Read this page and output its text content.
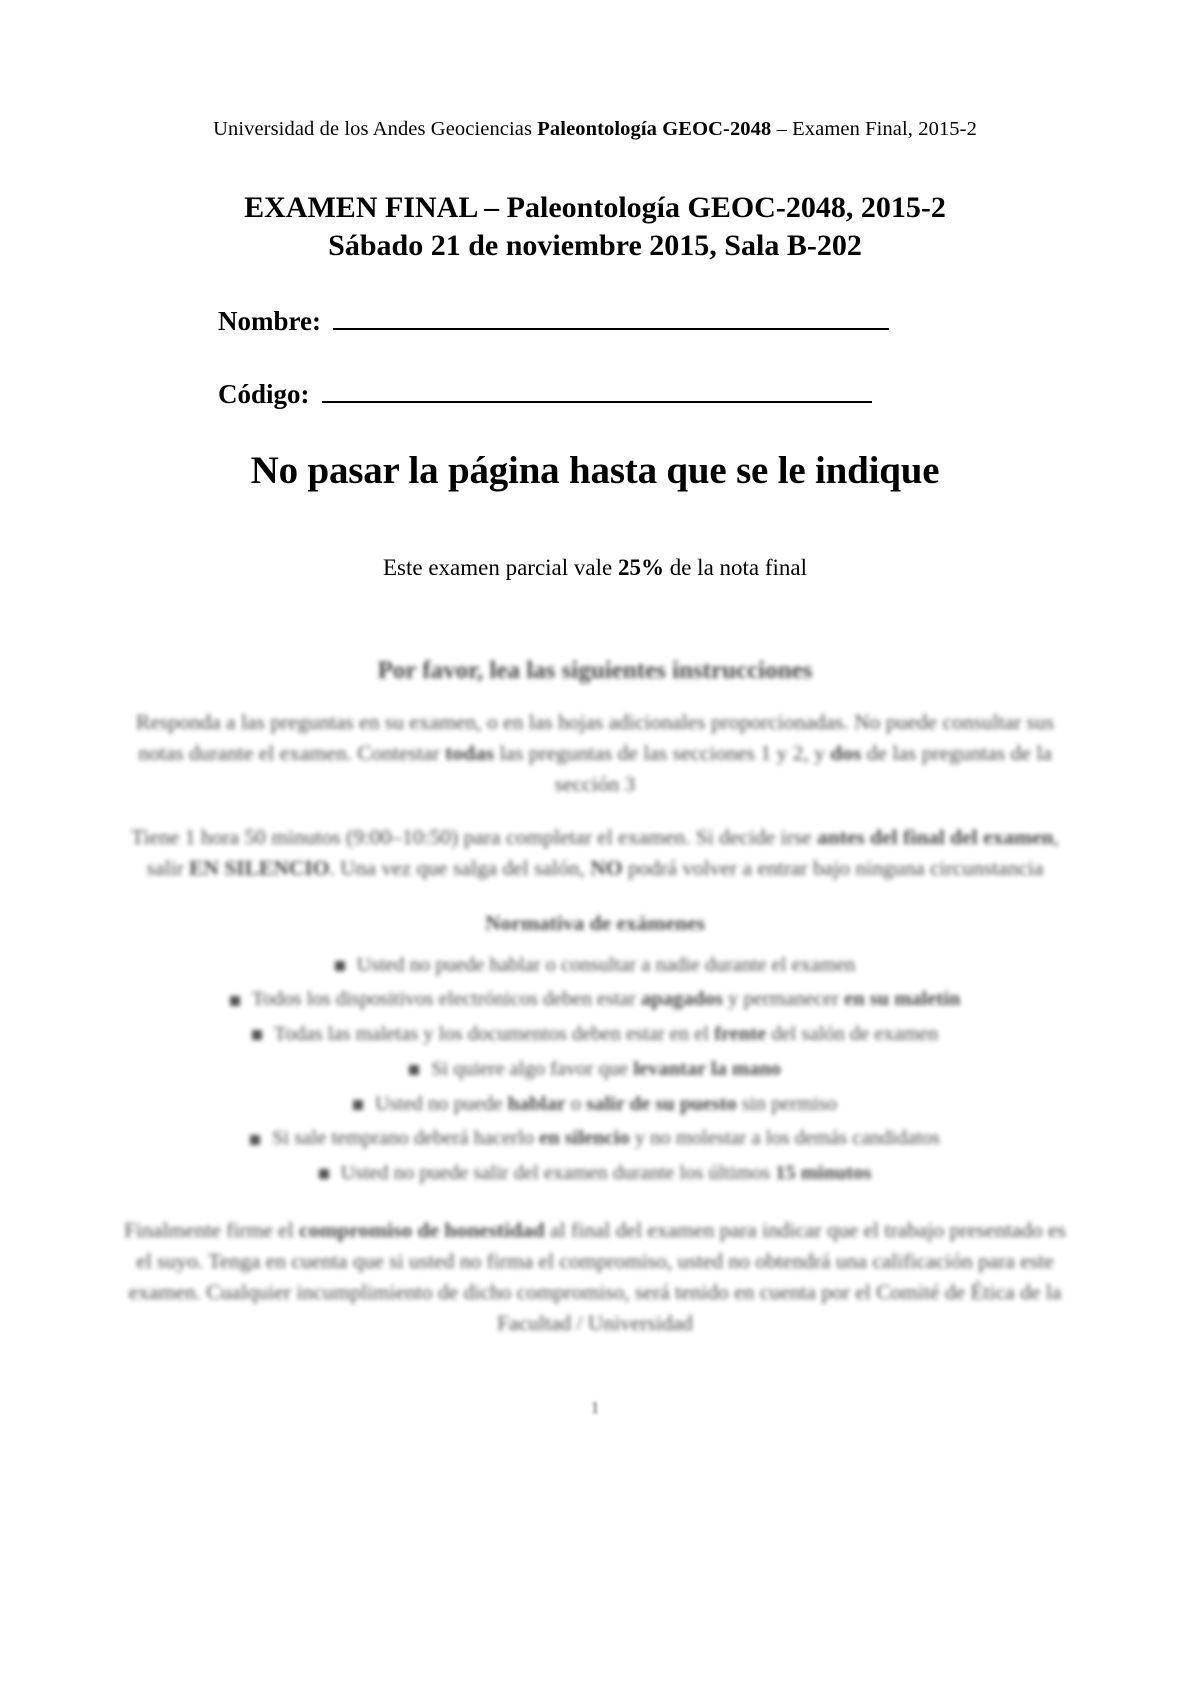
Universidad de los Andes Geociencias Paleontología GEOC-2048 – Examen Final, 2015-2
EXAMEN FINAL – Paleontología GEOC-2048, 2015-2
Sábado 21 de noviembre 2015, Sala B-202
Nombre:
Código:
No pasar la página hasta que se le indique
Este examen parcial vale 25% de la nota final
Por favor, lea las siguientes instrucciones

Responda a las preguntas en su examen, o en las hojas adicionales proporcionadas. No puede consultar sus notas durante el examen. Contestar todas las preguntas de las secciones 1 y 2, y dos de las preguntas de la sección 3

Tiene 1 hora 50 minutos (9:00–10:50) para completar el examen. Si decide irse antes del final del examen, salir EN SILENCIO. Una vez que salga del salón, NO podrá volver a entrar bajo ninguna circunstancia

Normativa de exámenes
Usted no puede hablar o consultar a nadie durante el examen
Todos los dispositivos electrónicos deben estar apagados y permanecer en su maletín
Todas las maletas y los documentos deben estar en el frente del salón de examen
Si quiere algo favor que levantar la mano
Usted no puede hablar o salir de su puesto sin permiso
Si sale temprano deberá hacerlo en silencio y no molestar a los demás candidatos
Usted no puede salir del examen durante los últimos 15 minutos
Finalmente firme el compromiso de honestidad al final del examen para indicar que el trabajo presentado es el suyo. Tenga en cuenta que si usted no firma el compromiso, usted no obtendrá una calificación para este examen. Cualquier incumplimiento de dicho compromiso, será tenido en cuenta por el Comité de Ética de la Facultad / Universidad
1
